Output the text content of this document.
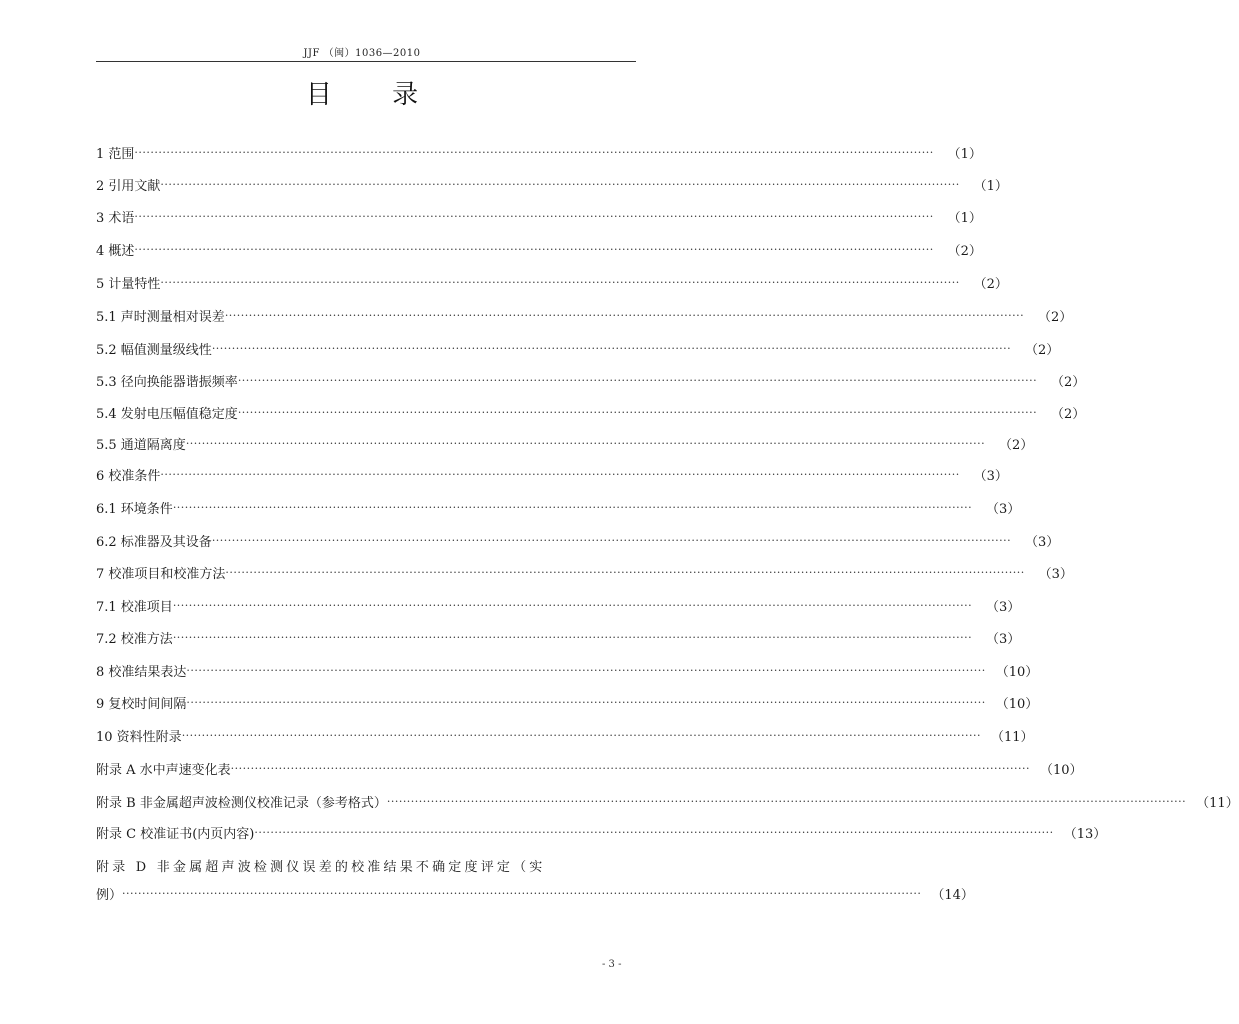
JJF （闽）1036—2010
目 录
1 范围 ········································································································································································································ （1）
2 引用文献 ········································································································································································································ （1）
3 术语 ········································································································································································································ （1）
4 概述 ········································································································································································································ （2）
5 计量特性 ········································································································································································································ （2）
5.1 声时测量相对误差 ········································································································································································································ （2）
5.2 幅值测量级线性 ········································································································································································································ （2）
5.3 径向换能器谐振频率 ········································································································································································································ （2）
5.4 发射电压幅值稳定度 ········································································································································································································ （2）
5.5 通道隔离度 ········································································································································································································ （2）
6 校准条件 ········································································································································································································ （3）
6.1 环境条件 ········································································································································································································ （3）
6.2 标准器及其设备 ········································································································································································································ （3）
7 校准项目和校准方法 ········································································································································································································ （3）
7.1 校准项目 ········································································································································································································ （3）
7.2 校准方法 ········································································································································································································ （3）
8 校准结果表达 ········································································································································································································ （10）
9 复校时间间隔 ········································································································································································································ （10）
10 资料性附录 ········································································································································································································ （11）
附录 A 水中声速变化表 ········································································································································································································ （10）
附录 B 非金属超声波检测仪校准记录（参考格式） ········································································································································································································ （11）
附录 C 校准证书(内页内容) ········································································································································································································ （13）
附录 D 非金属超声波检测仪误差的校准结果不确定度评定（实
例） ········································································································································································································ （14）
- 3 -
